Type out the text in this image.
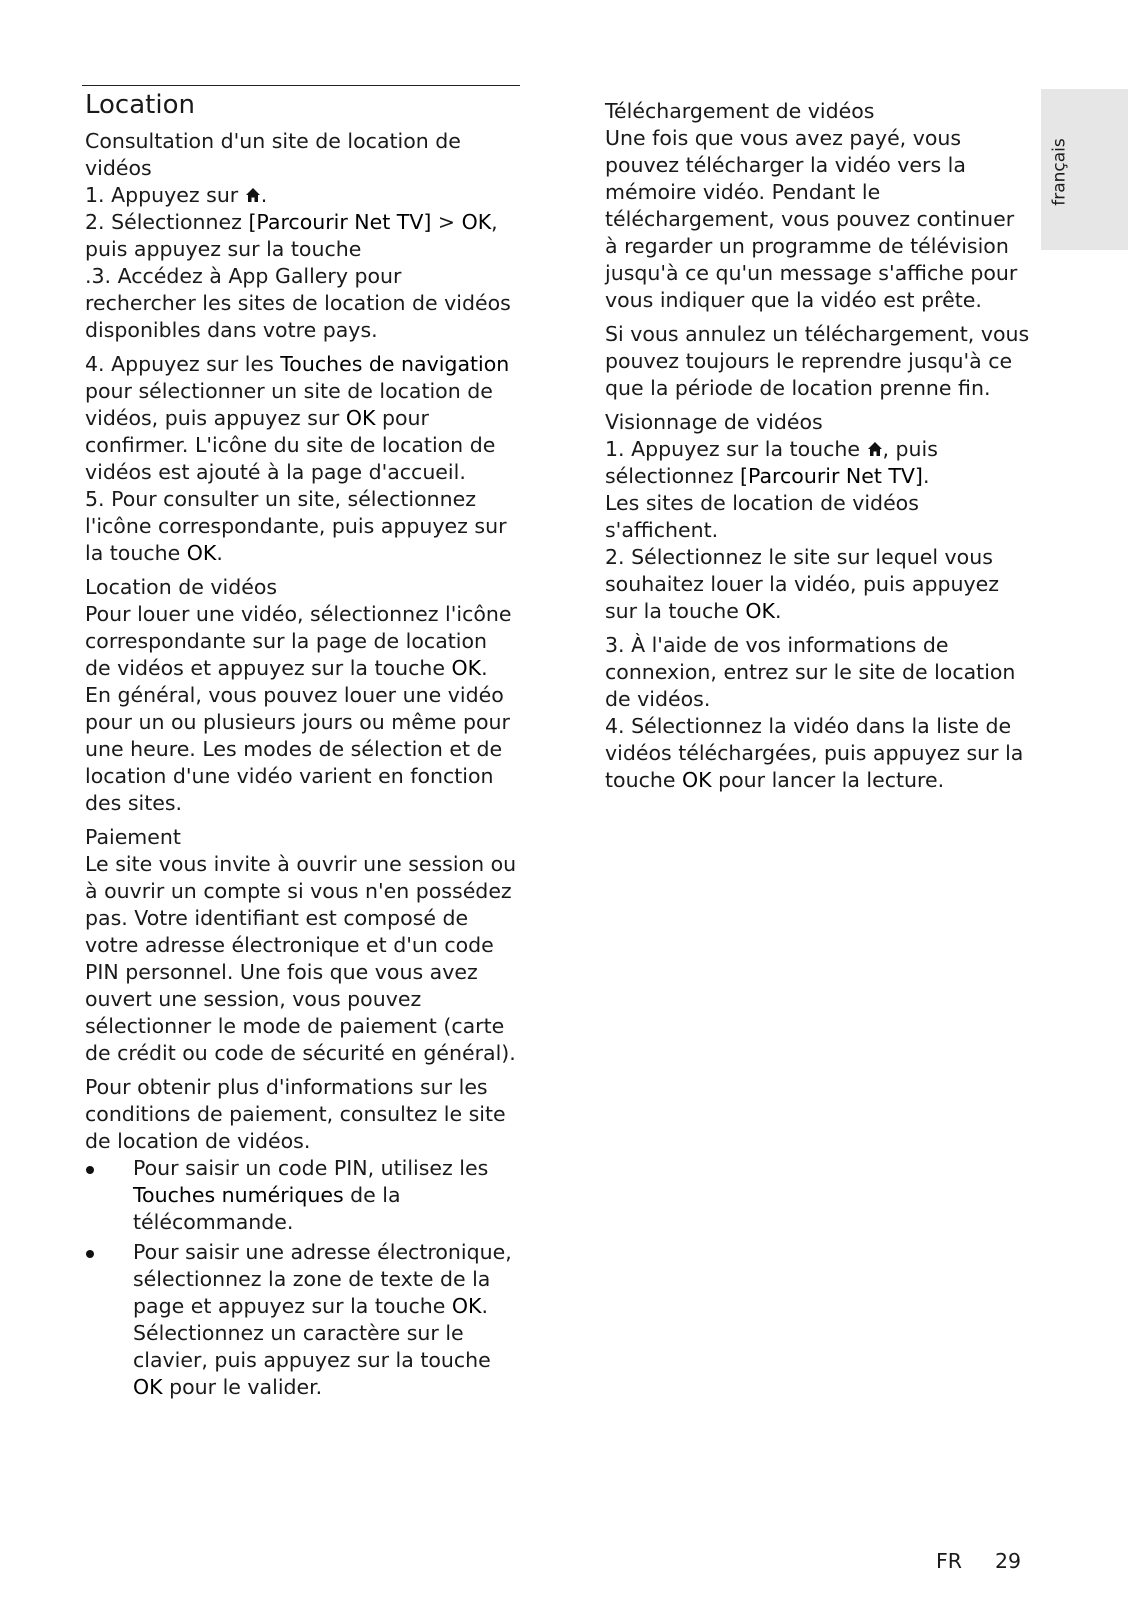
français
Location
Consultation d'un site de location de vidéos

1. Appuyez sur .

2. Sélectionnez [Parcourir Net TV] > OK, puis appuyez sur la touche

.3. Accédez à App Gallery pour rechercher les sites de location de vidéos disponibles dans votre pays.

4. Appuyez sur les Touches de navigation pour sélectionner un site de location de vidéos, puis appuyez sur OK pour confirmer. L'icône du site de location de vidéos est ajouté à la page d'accueil.

5. Pour consulter un site, sélectionnez l'icône correspondante, puis appuyez sur la touche OK.

Location de vidéos

Pour louer une vidéo, sélectionnez l'icône correspondante sur la page de location de vidéos et appuyez sur la touche OK. En général, vous pouvez louer une vidéo pour un ou plusieurs jours ou même pour une heure. Les modes de sélection et de location d'une vidéo varient en fonction des sites.

Paiement

Le site vous invite à ouvrir une session ou à ouvrir un compte si vous n'en possédez pas. Votre identifiant est composé de votre adresse électronique et d'un code PIN personnel. Une fois que vous avez ouvert une session, vous pouvez sélectionner le mode de paiement (carte de crédit ou code de sécurité en général).

Pour obtenir plus d'informations sur les conditions de paiement, consultez le site de location de vidéos.

Pour saisir un code PIN, utilisez les Touches numériques de la télécommande.
Pour saisir une adresse électronique, sélectionnez la zone de texte de la page et appuyez sur la touche OK. Sélectionnez un caractère sur le clavier, puis appuyez sur la touche OK pour le valider.
Téléchargement de vidéos

Une fois que vous avez payé, vous pouvez télécharger la vidéo vers la mémoire vidéo. Pendant le téléchargement, vous pouvez continuer à regarder un programme de télévision jusqu'à ce qu'un message s'affiche pour vous indiquer que la vidéo est prête.

Si vous annulez un téléchargement, vous pouvez toujours le reprendre jusqu'à ce que la période de location prenne fin.

Visionnage de vidéos

1. Appuyez sur la touche , puis sélectionnez [Parcourir Net TV].

Les sites de location de vidéos s'affichent.

2. Sélectionnez le site sur lequel vous souhaitez louer la vidéo, puis appuyez sur la touche OK.

3. À l'aide de vos informations de connexion, entrez sur le site de location de vidéos.

4. Sélectionnez la vidéo dans la liste de vidéos téléchargées, puis appuyez sur la touche OK pour lancer la lecture.

FR 29
